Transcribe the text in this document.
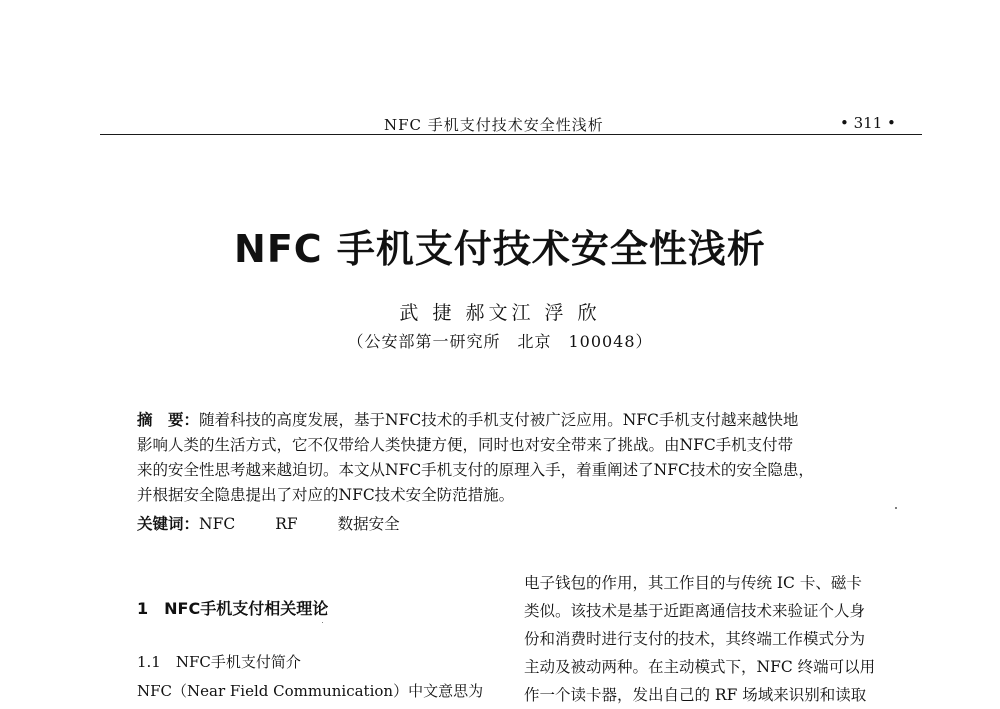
NFC 手机支付技术安全性浅析	• 311 •
NFC 手机支付技术安全性浅析
武 捷 郝文江 浮 欣
（公安部第一研究所　北京　100048）
摘　要：随着科技的高度发展，基于NFC技术的手机支付被广泛应用。NFC手机支付越来越快地
影响人类的生活方式，它不仅带给人类快捷方便，同时也对安全带来了挑战。由NFC手机支付带
来的安全性思考越来越迫切。本文从NFC手机支付的原理入手，着重阐述了NFC技术的安全隐患，
并根据安全隐患提出了对应的NFC技术安全防范措施。
关键词：NFC	RF	数据安全
1　NFC手机支付相关理论
1.1　NFC手机支付简介
NFC（Near Field Communication）中文意思为
电子钱包的作用，其工作目的与传统 IC 卡、磁卡
类似。该技术是基于近距离通信技术来验证个人身
份和消费时进行支付的技术，其终端工作模式分为
主动及被动两种。在主动模式下，NFC 终端可以用
作一个读卡器，发出自己的 RF 场域来识别和读取
